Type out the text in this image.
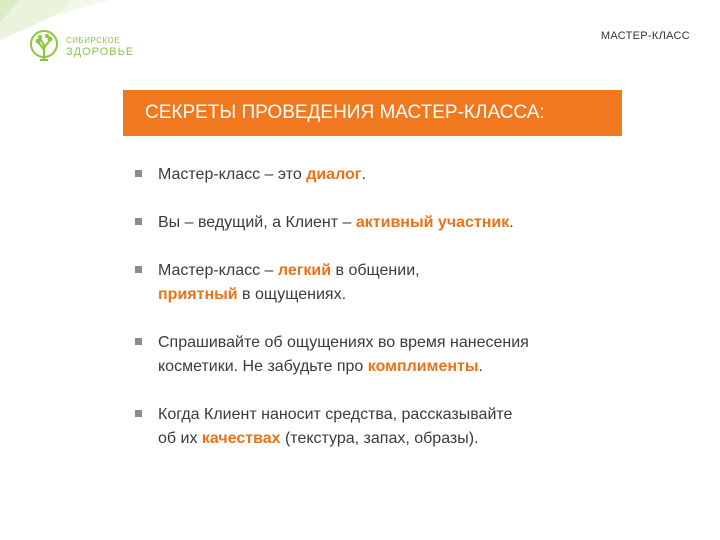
СИБИРСКОЕ
ЗДОРОВЬЕ
МАСТЕР-КЛАСС
СЕКРЕТЫ ПРОВЕДЕНИЯ МАСТЕР-КЛАССА:
Мастер-класс – это диалог.
Вы – ведущий, а Клиент – активный участник.
Мастер-класс – легкий в общении,
приятный в ощущениях.
Спрашивайте об ощущениях во время нанесения
косметики. Не забудьте про комплименты.
Когда Клиент наносит средства, рассказывайте
об их качествах (текстура, запах, образы).
